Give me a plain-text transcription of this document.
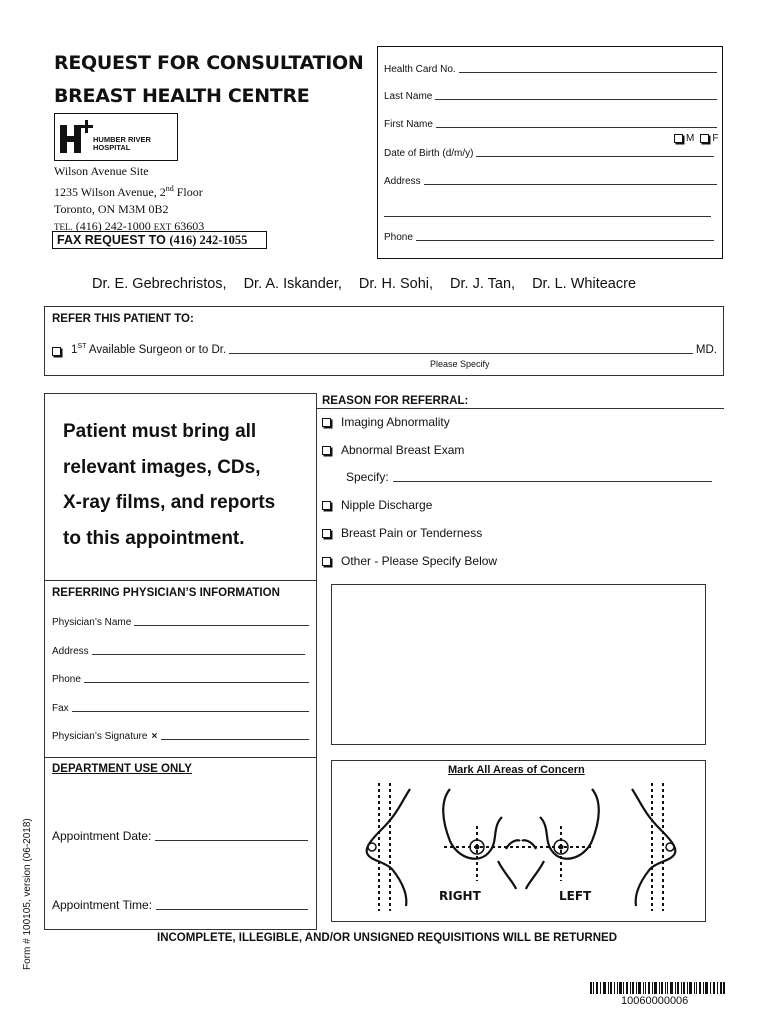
REQUEST FOR CONSULTATION
BREAST HEALTH CENTRE
HUMBER RIVER
HOSPITAL
Wilson Avenue Site
1235 Wilson Avenue, 2nd Floor
Toronto, ON M3M 0B2
TEL. (416) 242-1000 EXT 63603
FAX REQUEST TO (416) 242-1055
Health Card No.
Last Name
First Name
M F
Date of Birth (d/m/y)
Address
Phone
Dr. E. Gebrechristos, Dr. A. Iskander, Dr. H. Sohi, Dr. J. Tan, Dr. L. Whiteacre
REFER THIS PATIENT TO:
1ST Available Surgeon or to Dr.	MD.
Please Specify
Patient must bring all
relevant images, CDs,
X-ray films, and reports
to this appointment.
REASON FOR REFERRAL:
Imaging Abnormality
Abnormal Breast Exam
Specify:
Nipple Discharge
Breast Pain or Tenderness
Other - Please Specify Below
REFERRING PHYSICIAN’S INFORMATION
Physician’s Name
Address
Phone
Fax
Physician’s Signature ×
DEPARTMENT USE ONLY
Appointment Date:
Appointment Time:
Mark All Areas of Concern
RIGHT	LEFT
INCOMPLETE, ILLEGIBLE, AND/OR UNSIGNED REQUISITIONS WILL BE RETURNED
Form # 100105, version (06-2018)
10060000006
